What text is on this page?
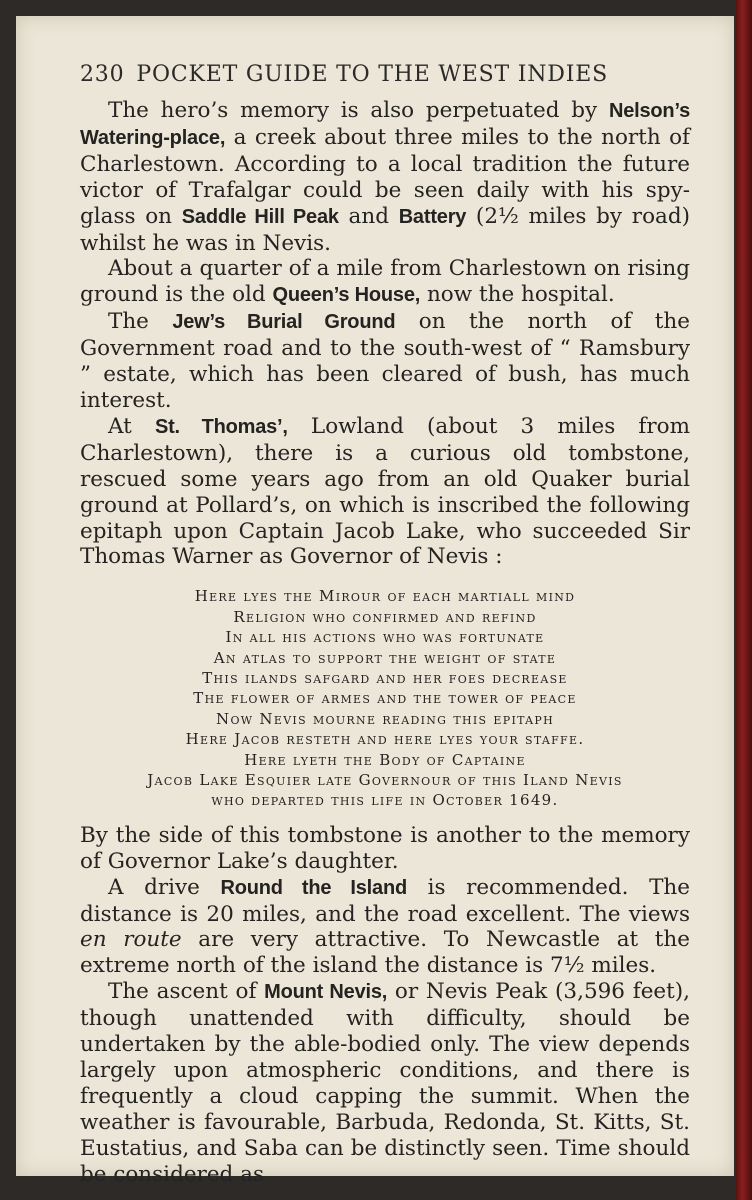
230 POCKET GUIDE TO THE WEST INDIES

The hero’s memory is also perpetuated by Nelson’s Watering-place, a creek about three miles to the north of Charlestown. According to a local tradition the future victor of Trafalgar could be seen daily with his spy-glass on Saddle Hill Peak and Battery (2½ miles by road) whilst he was in Nevis.

About a quarter of a mile from Charlestown on rising ground is the old Queen’s House, now the hospital.

The Jew’s Burial Ground on the north of the Government road and to the south-west of “ Ramsbury ” estate, which has been cleared of bush, has much interest.

At St. Thomas’, Lowland (about 3 miles from Charlestown), there is a curious old tombstone, rescued some years ago from an old Quaker burial ground at Pollard’s, on which is inscribed the following epitaph upon Captain Jacob Lake, who succeeded Sir Thomas Warner as Governor of Nevis :

Here lyes the Mirour of each martiall mind
Religion who confirmed and refind
In all his actions who was fortunate
An atlas to support the weight of state
This ilands safgard and her foes decrease
The flower of armes and the tower of peace
Now Nevis mourne reading this epitaph
Here Jacob resteth and here lyes your staffe.
Here lyeth the Body of Captaine
Jacob Lake Esquier late Governour of this Iland Nevis
who departed this life in October 1649.

By the side of this tombstone is another to the memory of Governor Lake’s daughter.

A drive Round the Island is recommended. The distance is 20 miles, and the road excellent. The views en route are very attractive. To Newcastle at the extreme north of the island the distance is 7½ miles.

The ascent of Mount Nevis, or Nevis Peak (3,596 feet), though unattended with difficulty, should be undertaken by the able-bodied only. The view depends largely upon atmospheric conditions, and there is frequently a cloud capping the summit. When the weather is favourable, Barbuda, Redonda, St. Kitts, St. Eustatius, and Saba can be distinctly seen. Time should be considered as
